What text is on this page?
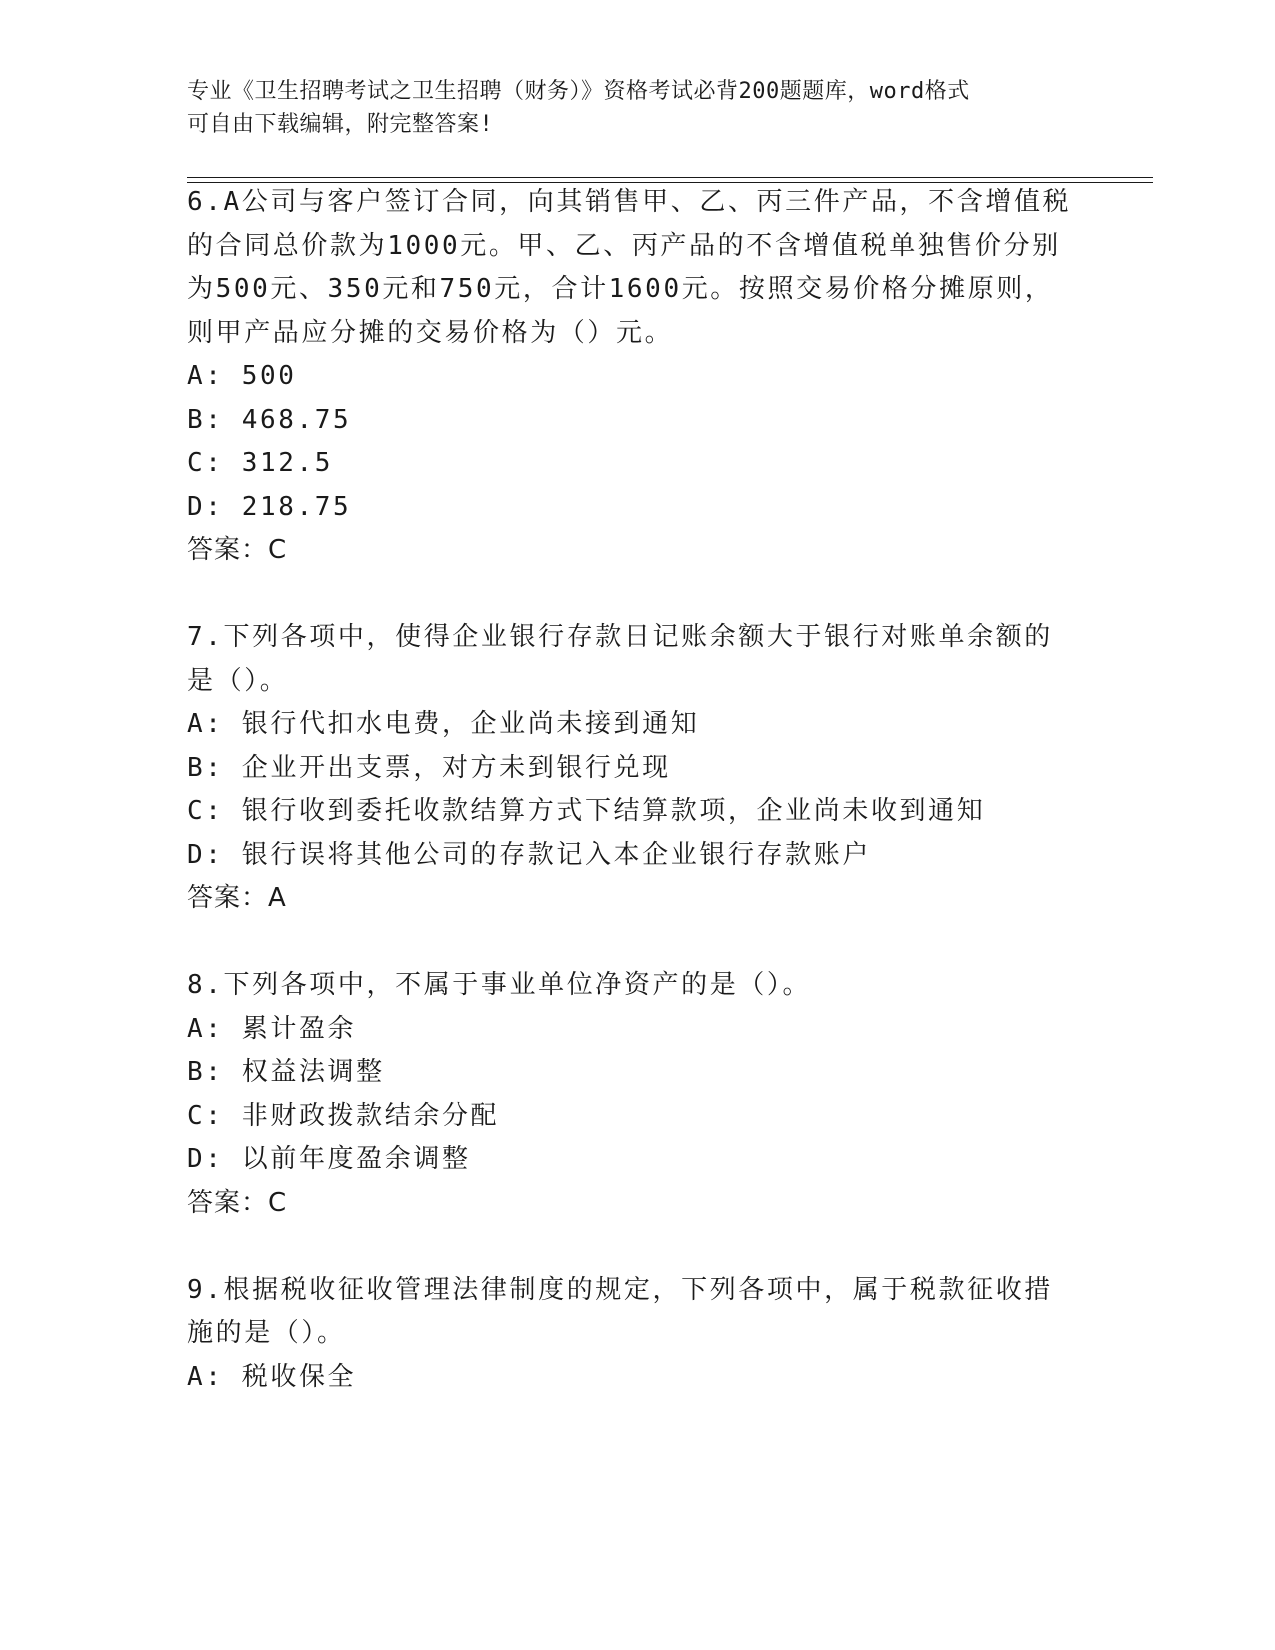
专业《卫生招聘考试之卫生招聘（财务）》资格考试必背200题题库，word格式
可自由下载编辑，附完整答案!
6.A公司与客户签订合同，向其销售甲、乙、丙三件产品，不含增值税
的合同总价款为1000元。甲、乙、丙产品的不含增值税单独售价分别
为500元、350元和750元，合计1600元。按照交易价格分摊原则，
则甲产品应分摊的交易价格为（）元。
A: 500
B: 468.75
C: 312.5
D: 218.75
答案：C
7.下列各项中，使得企业银行存款日记账余额大于银行对账单余额的
是（）。
A: 银行代扣水电费，企业尚未接到通知
B: 企业开出支票，对方未到银行兑现
C: 银行收到委托收款结算方式下结算款项，企业尚未收到通知
D: 银行误将其他公司的存款记入本企业银行存款账户
答案：A
8.下列各项中，不属于事业单位净资产的是（）。
A: 累计盈余
B: 权益法调整
C: 非财政拨款结余分配
D: 以前年度盈余调整
答案：C
9.根据税收征收管理法律制度的规定，下列各项中，属于税款征收措
施的是（）。
A: 税收保全
